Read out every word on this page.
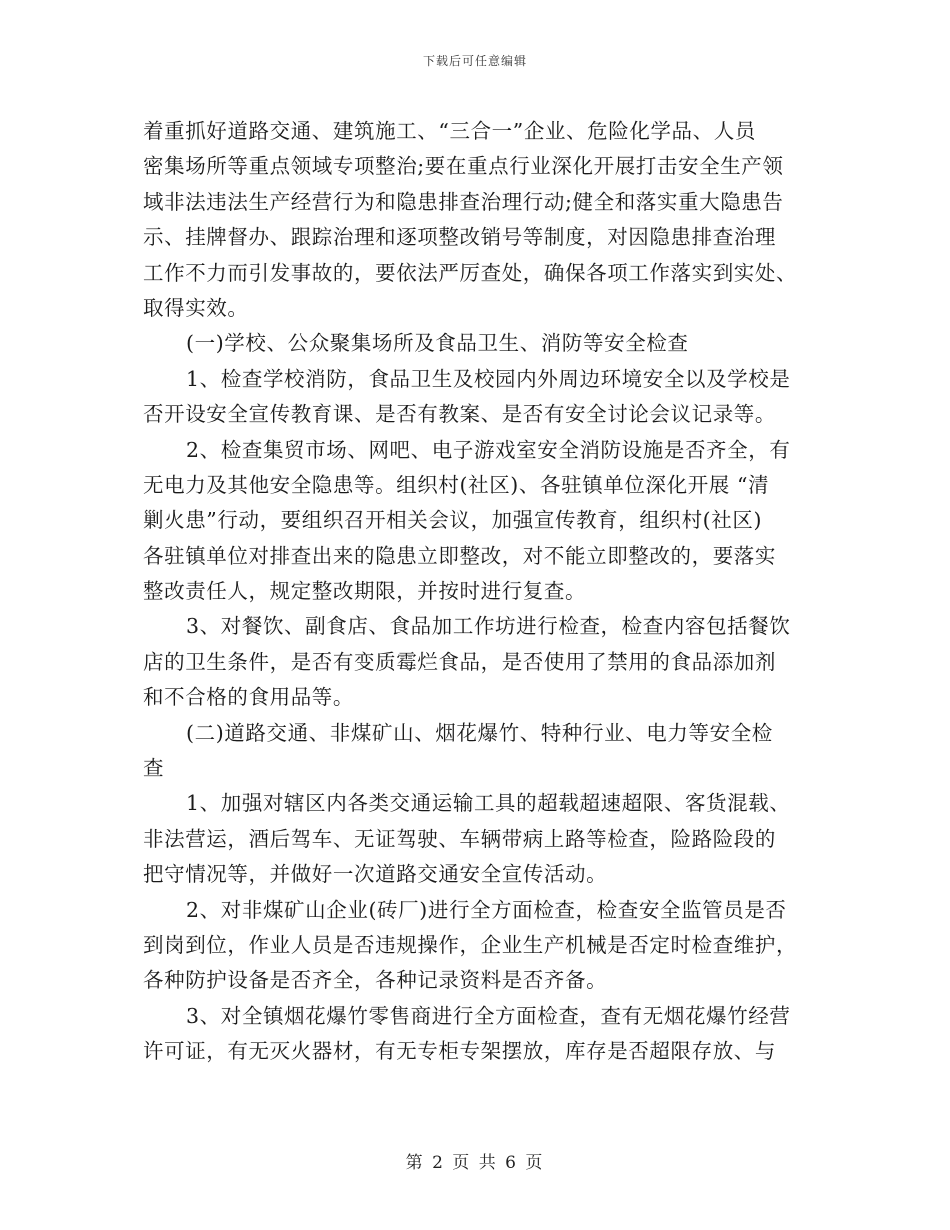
下载后可任意编辑
着重抓好道路交通、建筑施工、“三合一”企业、危险化学品、人员
密集场所等重点领域专项整治;要在重点行业深化开展打击安全生产领
域非法违法生产经营行为和隐患排查治理行动;健全和落实重大隐患告
示、挂牌督办、跟踪治理和逐项整改销号等制度，对因隐患排查治理
工作不力而引发事故的，要依法严厉查处，确保各项工作落实到实处、
取得实效。
(一)学校、公众聚集场所及食品卫生、消防等安全检查
1、检查学校消防，食品卫生及校园内外周边环境安全以及学校是
否开设安全宣传教育课、是否有教案、是否有安全讨论会议记录等。
2、检查集贸市场、网吧、电子游戏室安全消防设施是否齐全，有
无电力及其他安全隐患等。组织村(社区)、各驻镇单位深化开展 “清
剿火患”行动，要组织召开相关会议，加强宣传教育，组织村(社区)
各驻镇单位对排查出来的隐患立即整改，对不能立即整改的，要落实
整改责任人，规定整改期限，并按时进行复查。
3、对餐饮、副食店、食品加工作坊进行检查，检查内容包括餐饮
店的卫生条件，是否有变质霉烂食品，是否使用了禁用的食品添加剂
和不合格的食用品等。
(二)道路交通、非煤矿山、烟花爆竹、特种行业、电力等安全检
查
1、加强对辖区内各类交通运输工具的超载超速超限、客货混载、
非法营运，酒后驾车、无证驾驶、车辆带病上路等检查，险路险段的
把守情况等，并做好一次道路交通安全宣传活动。
2、对非煤矿山企业(砖厂)进行全方面检查，检查安全监管员是否
到岗到位，作业人员是否违规操作，企业生产机械是否定时检查维护，
各种防护设备是否齐全，各种记录资料是否齐备。
3、对全镇烟花爆竹零售商进行全方面检查，查有无烟花爆竹经营
许可证，有无灭火器材，有无专柜专架摆放，库存是否超限存放、与
第 2 页 共 6 页
